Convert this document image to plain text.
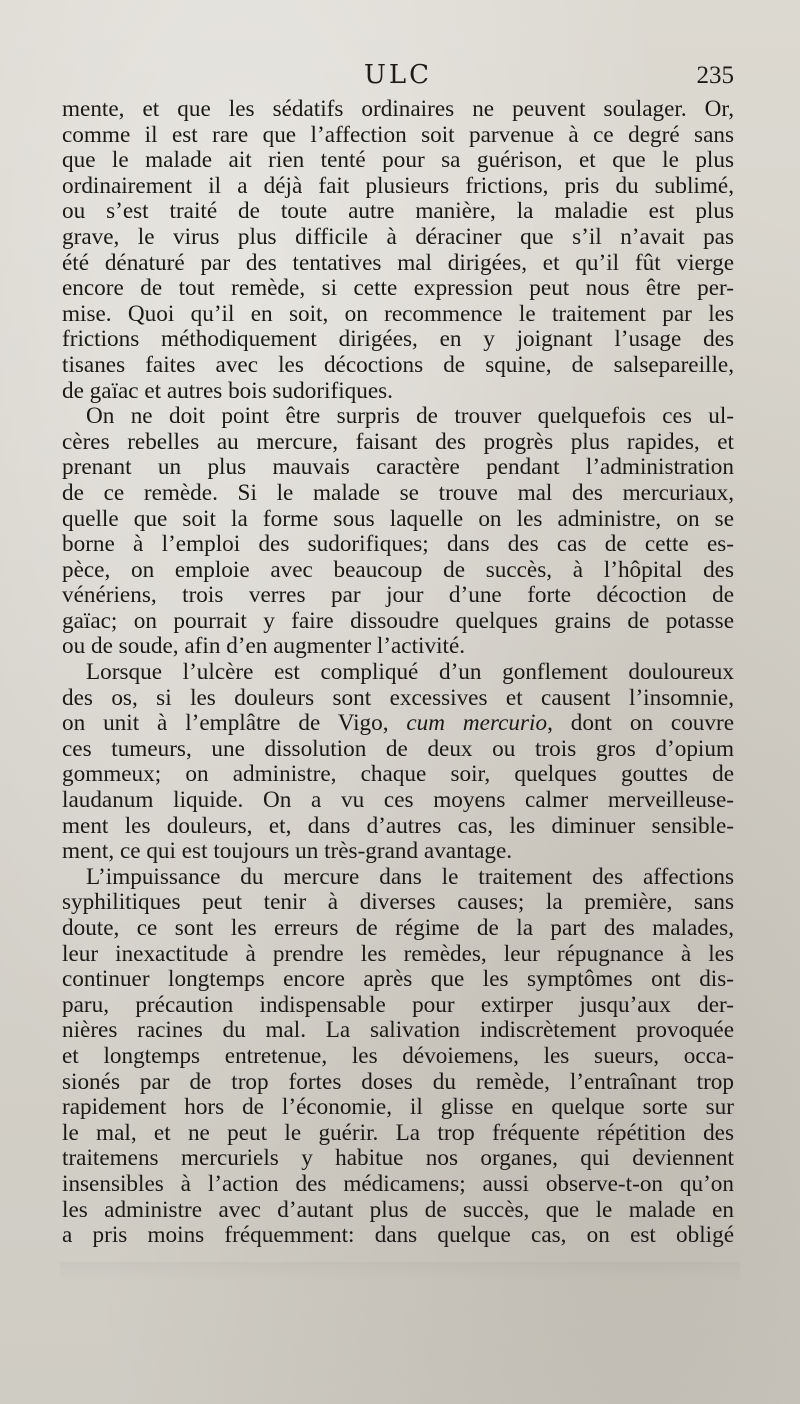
ULC	235
mente, et que les sédatifs ordinaires ne peuvent soulager. Or,
comme il est rare que l’affection soit parvenue à ce degré sans
que le malade ait rien tenté pour sa guérison, et que le plus
ordinairement il a déjà fait plusieurs frictions, pris du sublimé,
ou s’est traité de toute autre manière, la maladie est plus
grave, le virus plus difficile à déraciner que s’il n’avait pas
été dénaturé par des tentatives mal dirigées, et qu’il fût vierge
encore de tout remède, si cette expression peut nous être per-
mise. Quoi qu’il en soit, on recommence le traitement par les
frictions méthodiquement dirigées, en y joignant l’usage des
tisanes faites avec les décoctions de squine, de salsepareille,
de gaïac et autres bois sudorifiques.
On ne doit point être surpris de trouver quelquefois ces ul-
cères rebelles au mercure, faisant des progrès plus rapides, et
prenant un plus mauvais caractère pendant l’administration
de ce remède. Si le malade se trouve mal des mercuriaux,
quelle que soit la forme sous laquelle on les administre, on se
borne à l’emploi des sudorifiques; dans des cas de cette es-
pèce, on emploie avec beaucoup de succès, à l’hôpital des
vénériens, trois verres par jour d’une forte décoction de
gaïac; on pourrait y faire dissoudre quelques grains de potasse
ou de soude, afin d’en augmenter l’activité.
Lorsque l’ulcère est compliqué d’un gonflement douloureux
des os, si les douleurs sont excessives et causent l’insomnie,
on unit à l’emplâtre de Vigo, cum mercurio, dont on couvre
ces tumeurs, une dissolution de deux ou trois gros d’opium
gommeux; on administre, chaque soir, quelques gouttes de
laudanum liquide. On a vu ces moyens calmer merveilleuse-
ment les douleurs, et, dans d’autres cas, les diminuer sensible-
ment, ce qui est toujours un très-grand avantage.
L’impuissance du mercure dans le traitement des affections
syphilitiques peut tenir à diverses causes; la première, sans
doute, ce sont les erreurs de régime de la part des malades,
leur inexactitude à prendre les remèdes, leur répugnance à les
continuer longtemps encore après que les symptômes ont dis-
paru, précaution indispensable pour extirper jusqu’aux der-
nières racines du mal. La salivation indiscrètement provoquée
et longtemps entretenue, les dévoiemens, les sueurs, occa-
sionés par de trop fortes doses du remède, l’entraînant trop
rapidement hors de l’économie, il glisse en quelque sorte sur
le mal, et ne peut le guérir. La trop fréquente répétition des
traitemens mercuriels y habitue nos organes, qui deviennent
insensibles à l’action des médicamens; aussi observe-t-on qu’on
les administre avec d’autant plus de succès, que le malade en
a pris moins fréquemment: dans quelque cas, on est obligé
